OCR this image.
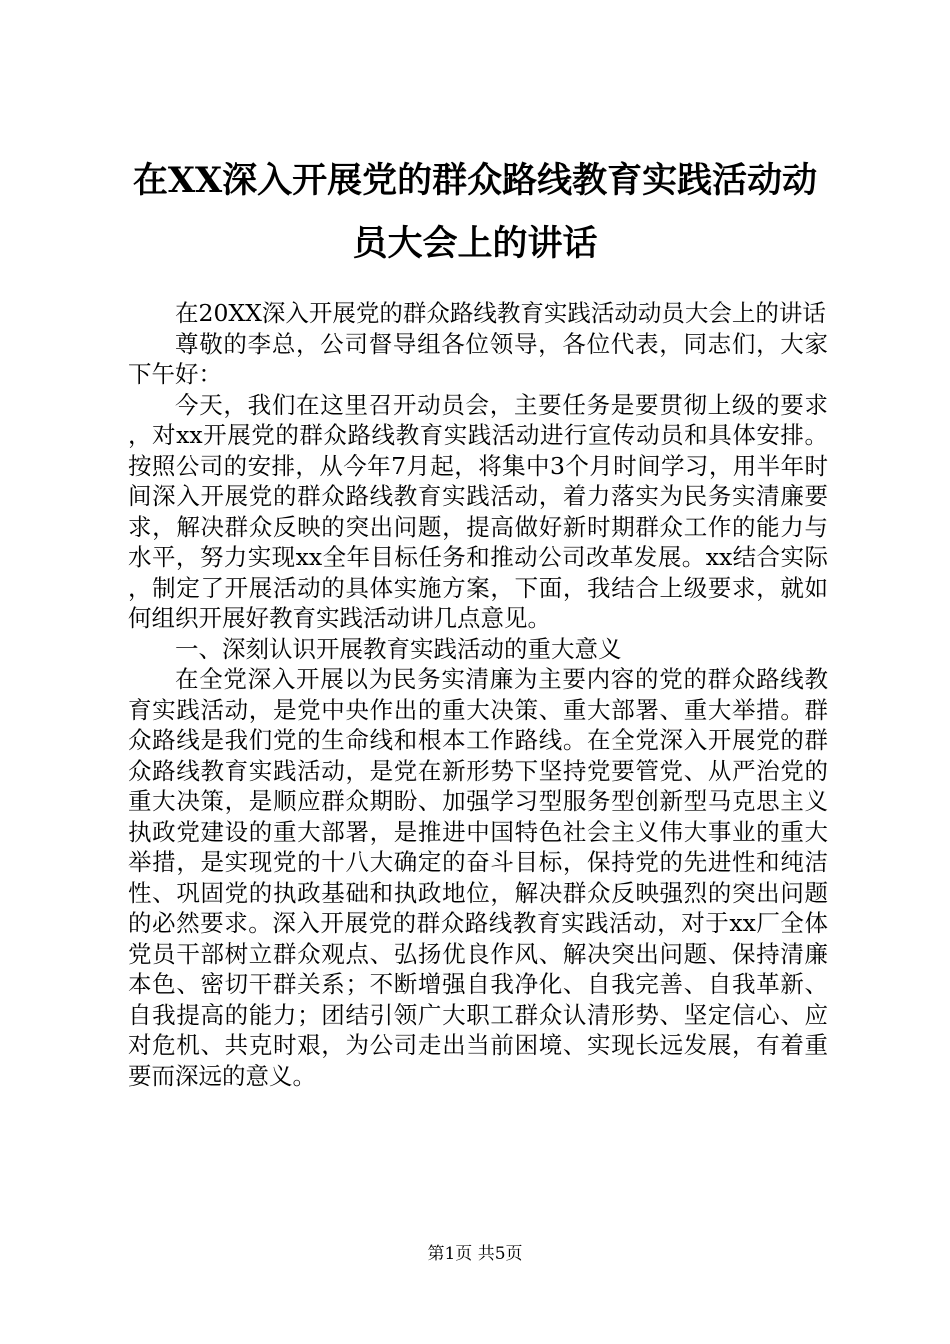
在XX深入开展党的群众路线教育实践活动动
员大会上的讲话

在20XX深入开展党的群众路线教育实践活动动员大会上的讲话

尊敬的李总，公司督导组各位领导，各位代表，同志们，大家下午好：

今天，我们在这里召开动员会，主要任务是要贯彻上级的要求，对xx开展党的群众路线教育实践活动进行宣传动员和具体安排。按照公司的安排，从今年7月起，将集中3个月时间学习，用半年时间深入开展党的群众路线教育实践活动，着力落实为民务实清廉要求，解决群众反映的突出问题，提高做好新时期群众工作的能力与水平，努力实现xx全年目标任务和推动公司改革发展。xx结合实际，制定了开展活动的具体实施方案，下面，我结合上级要求，就如何组织开展好教育实践活动讲几点意见。

一、深刻认识开展教育实践活动的重大意义

在全党深入开展以为民务实清廉为主要内容的党的群众路线教育实践活动，是党中央作出的重大决策、重大部署、重大举措。群众路线是我们党的生命线和根本工作路线。在全党深入开展党的群众路线教育实践活动，是党在新形势下坚持党要管党、从严治党的重大决策，是顺应群众期盼、加强学习型服务型创新型马克思主义执政党建设的重大部署，是推进中国特色社会主义伟大事业的重大举措，是实现党的十八大确定的奋斗目标，保持党的先进性和纯洁性、巩固党的执政基础和执政地位，解决群众反映强烈的突出问题的必然要求。深入开展党的群众路线教育实践活动，对于xx厂全体党员干部树立群众观点、弘扬优良作风、解决突出问题、保持清廉本色、密切干群关系；不断增强自我净化、自我完善、自我革新、自我提高的能力；团结引领广大职工群众认清形势、坚定信心、应对危机、共克时艰，为公司走出当前困境、实现长远发展，有着重要而深远的意义。

第1页 共5页
